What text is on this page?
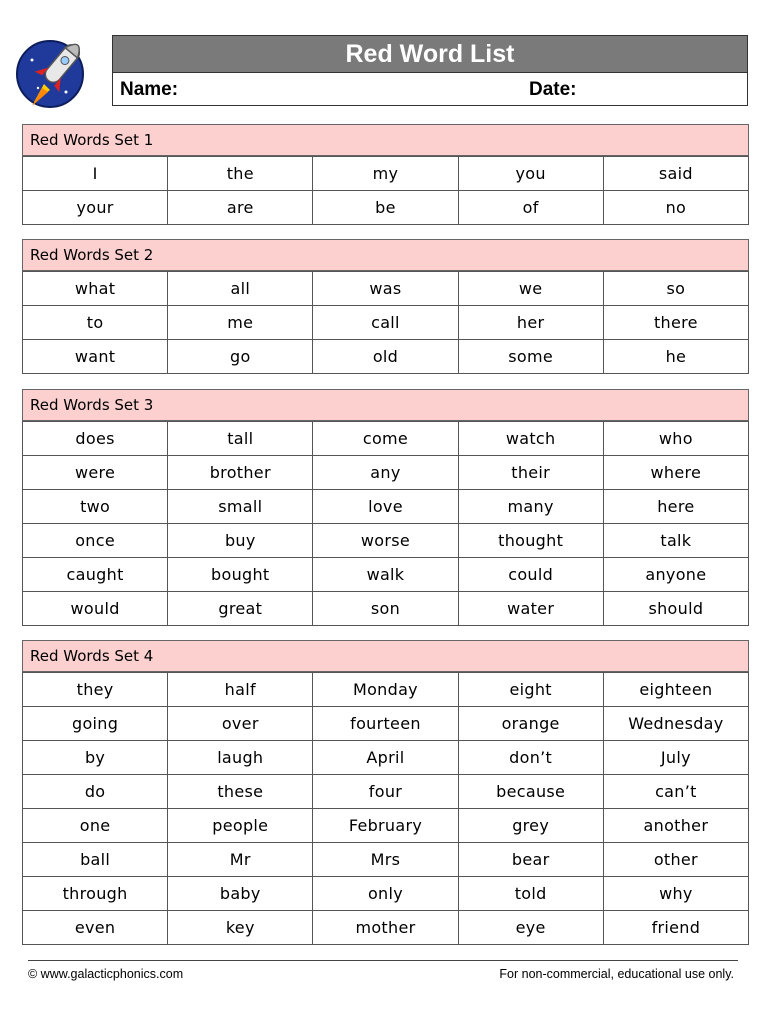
Red Word List
Name:	Date:
Red Words Set 1
I	the	my	you	said
your	are	be	of	no
Red Words Set 2
what	all	was	we	so
to	me	call	her	there
want	go	old	some	he
Red Words Set 3
does	tall	come	watch	who
were	brother	any	their	where
two	small	love	many	here
once	buy	worse	thought	talk
caught	bought	walk	could	anyone
would	great	son	water	should
Red Words Set 4
they	half	Monday	eight	eighteen
going	over	fourteen	orange	Wednesday
by	laugh	April	don’t	July
do	these	four	because	can’t
one	people	February	grey	another
ball	Mr	Mrs	bear	other
through	baby	only	told	why
even	key	mother	eye	friend
© www.galacticphonics.com	For non-commercial, educational use only.
